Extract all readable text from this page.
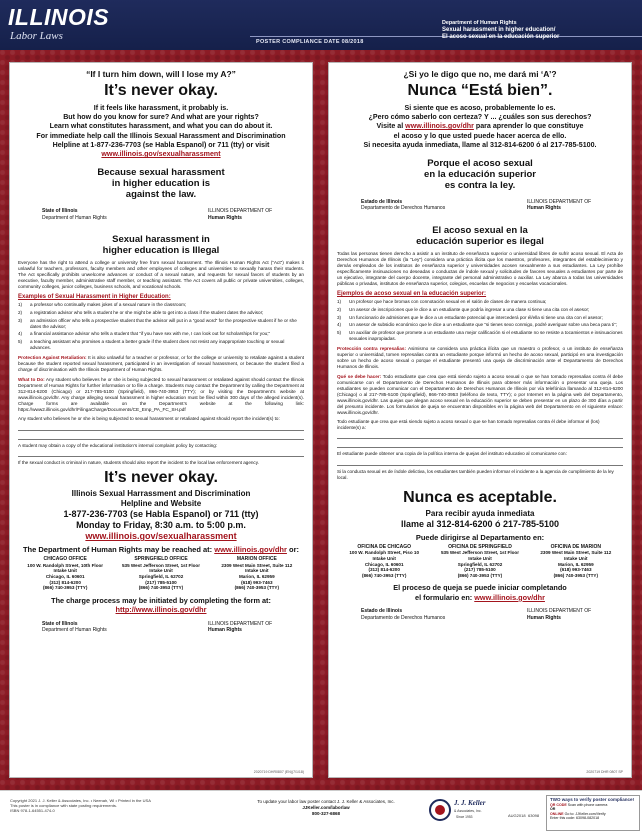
ILLINOIS
Labor Laws	POSTER COMPLIANCE DATE 08/2018
Department of Human Rights
Sexual harassment in higher education/
El acoso sexual en la educación superior
“If I turn him down, will I lose my A?”
It’s never okay.
If it feels like harassment, it probably is.
But how do you know for sure? And what are your rights?
Learn what constitutes harassment, and what you can do about it.
For immediate help call the Illinois Sexual Harassment and Discrimination
Helpline at 1-877-236-7703 (se Habla Espanol) or 711 (tty) or visit
www.illinois.gov/sexualharassment
Because sexual harassment
in higher education is
against the law.
State of Illinois
Department of Human Rights
ILLINOIS DEPARTMENT OF
Human Rights
Sexual harassment in
higher education is Illegal
Everyone has the right to attend a college or university free from sexual harassment. The Illinois Human Rights Act (“Act”) makes it unlawful for teachers, professors, faculty members and other employees of colleges and universities to sexually harass their students. The Act specifically prohibits unwelcome advances or conduct of a sexual nature, and requests for sexual favors of students by an executive, faculty member, administrative staff member, or teaching assistant. The Act covers all public or private universities, colleges, community colleges, junior colleges, business schools, and vocational schools.
Examples of Sexual Harassment in Higher Education:
1)	a professor who continually makes jokes of a sexual nature in the classroom;
2)	a registration advisor who tells a student he or she might be able to get into a class if the student dates the advisor;
3)	an admission officer who tells a prospective student that the advisor will put in a “good word” for the prospective student if he or she dates the advisor;
4)	a financial assistance advisor who tells a student that “if you have sex with me, I can look out for scholarships for you;”
5)	a teaching assistant who promises a student a better grade if the student does not resist any inappropriate touching or sexual advances.
Protection Against Retaliation: It is also unlawful for a teacher or professor, or for the college or university to retaliate against a student because the student reported sexual harassment, participated in an investigation of sexual harassment, or because the student filed a charge of discrimination with the Illinois Department of Human Rights.
What to Do: Any student who believes he or she is being subjected to sexual harassment or retaliated against should contact the Illinois Department of Human Rights for further information or to file a charge. Students may contact the Department by calling the Department at 312-814-6200 (Chicago) or 217-785-5100 (Springfield), 866-740-3953 (TTY); or by visiting the Department’s website at www.illinois.gov/dhr. Any charge alleging sexual harassment in higher education must be filed within 300 days of the alleged incident(s). Charge forms are available on the Department’s website at the following link: https://www2.illinois.gov/dhr/FilingaCharge/Documents/CE_Emp_PA_FC_SH.pdf
Any student who believes he or she is being subjected to sexual harassment or retaliated against should report the incident(s) to:
A student may obtain a copy of the educational institution’s internal complaint policy by contacting:
If the sexual conduct is criminal in nature, students should also report the incident to the local law enforcement agency.
It’s never okay.
Illinois Sexual Harrassment and Discrimination
Helpline and Website
1-877-236-7703 (se Habla Espanol) or 711 (tty)
Monday to Friday, 8:30 a.m. to 5:00 p.m.
www.illinois.gov/sexualharassment
The Department of Human Rights may be reached at: www.illinois.gov/dhr or:
CHICAGO OFFICE
100 W. Randolph Street, 10th Floor
Intake Unit
Chicago, IL 60601
(312) 814-6200
(866) 740-3953 (TTY)
SPRINGFIELD OFFICE
535 West Jefferson Street, 1st Floor
Intake Unit
Springfield, IL 62702
(217) 785-5100
(866) 740-3953 (TTY)
MARION OFFICE
2309 West Main Street, Suite 112
Intake Unit
Marion, IL 62959
(618) 993-7463
(866) 740-3953 (TTY)
The charge process may be initiated by completing the form at:
http://www.illinois.gov/dhr
State of Illinois
Department of Human Rights
ILLINOIS DEPARTMENT OF
Human Rights
2020719 DHR0807 (EN)(7/1/18)
¿Si yo le digo que no, me dará mi ‘A’?
Nunca “Está bien”.
Si siente que es acoso, probablemente lo es.
¿Pero cómo saberlo con certeza? Y ... ¿cuáles son sus derechos?
Visite al www.illinois.gov/dhr para aprender lo que constituye
el acoso y lo que usted puede hacer acerca de ello.
Si necesita ayuda inmediata, llame al 312-814-6200 ó al 217-785-5100.
Porque el acoso sexual
en la educación superior
es contra la ley.
Estado de Illinois
Departamento de Derechos Humanos
ILLINOIS DEPARTMENT OF
Human Rights
El acoso sexual en la
educación superior es ilegal
Todas las personas tienen derecho a asistir a un instituto de enseñanza superior o universidad libres de sufrir acoso sexual. El Acta de Derechos Humanos de Illinois (la “Ley”) considera una práctica ilícita que los maestros, profesores, integrantes del establecimiento y demás empleados de los institutos de enseñanza superior y universidades acosen sexualmente a sus estudiantes. La Ley prohíbe específicamente insinuaciones no deseadas o conductas de índole sexual y solicitudes de favores sexuales a estudiantes por parte de un ejecutivo, integrante del cuerpo docente, integrante del personal administrativo o auxiliar. La Ley abarca a todas las universidades públicas o privadas, institutos de enseñanza superior, colegios, escuelas de negocios y escuelas vocacionales.
Ejemplos de acoso sexual en la educación superior:
1)	Un profesor que hace bromas con connotación sexual en el salón de clases de manera continua;
2)	Un asesor de inscripciones que le dice a un estudiante que podría ingresar a una clase si tiene una cita con el asesor;
3)	Un funcionario de admisiones que le dice a un estudiante potencial que intercederá por él/ella si tiene una cita con el asesor;
4)	Un asesor de subsidio económico que le dice a un estudiante que “si tienes sexo conmigo, podré averiguar sobre una beca para ti”;
5)	Un auxiliar de profesor que promete a un estudiante una mejor calificación si el estudiante no se resiste a tocamientos e insinuaciones sexuales inapropiadas.
Protección contra represalias: Asimismo se considera una práctica ilícita que un maestro o profesor, o un instituto de enseñanza superior o universidad, tomen represalias contra un estudiante porque informó un hecho de acoso sexual, participó en una investigación sobre un hecho de acoso sexual o porque el estudiante presentó una queja de discriminación ante el Departamento de Derechos Humanos de Illinois.
Qué se debe hacer: Todo estudiante que crea que está siendo sujeto a acoso sexual o que se han tomado represalias contra él debe comunicarse con el Departamento de Derechos Humanos de Illinois para obtener más información o presentar una queja. Los estudiantes se pueden comunicar con el Departamento de Derechos Humanos de Illinois por vía telefónica llamando al 312-814-6200 (Chicago) o al 217-785-5100 (Springfield), 866-740-3953 (teléfono de texto, TTY); o por Internet en la página web del Departamento, www.illinois.gov/dhr. Las quejas que alegan acoso sexual en la educación superior se deben presentar en un plazo de 300 días a partir del presunto incidente. Los formularios de queja se encuentran disponibles en la página web del Departamento en el siguiente enlace: www.illinois.gov/dhr.
Todo estudiante que crea que está siendo sujeto a acoso sexual o que se han tomado represalias contra él debe informar el (los) incidente(s) a:
El estudiante puede obtener una copia de la política interna de quejas del instituto educativo al comunicarse con:
Si la conducta sexual es de índole delictiva, los estudiantes también pueden informar el incidente a la agencia de cumplimiento de la ley local.
Nunca es aceptable.
Para recibir ayuda inmediata
llame al 312-814-6200 ó 217-785-5100
Puede dirigirse al Departamento en:
OFICINA DE CHICAGO
100 W. Randolph Street, Piso 10
Intake Unit
Chicago, IL 60601
(312) 814-6200
(866) 740-3953 (TTY)
OFICINA DE SPRINGFIELD
535 West Jefferson Street, 1st Floor
Intake Unit
Springfield, IL 62702
(217) 785-5100
(866) 740-3953 (TTY)
OFICINA DE MARION
2309 West Main Street, Suite 112
Intake Unit
Marion, IL 62959
(618) 993-7463
(866) 740-3953 (TTY)
El proceso de queja se puede iniciar completando
el formulario en: www.illinois.gov/dhr
Estado de Illinois
Departamento de Derechos Humanos
ILLINOIS DEPARTMENT OF
Human Rights
2020719 DHR 0807 SP
Copyright 2021 J. J. Keller & Associates, Inc. • Neenah, WI • Printed in the USA
This poster is in compliance with state posting requirements.
ISBN 978-1-64551-474-0
To update your labor law poster contact J. J. Keller & Associates, Inc.
JJKeller.com/laborlaw
800-327-6868
J. J. Keller
& Associates, Inc.
Since 1953	AUG2018 63098
TWO ways to verify poster compliance!
QR CODE Scan with phone camera
OR
ONLINE Go to: JJKeller.com/Verify
Enter this code: 63098-082018
